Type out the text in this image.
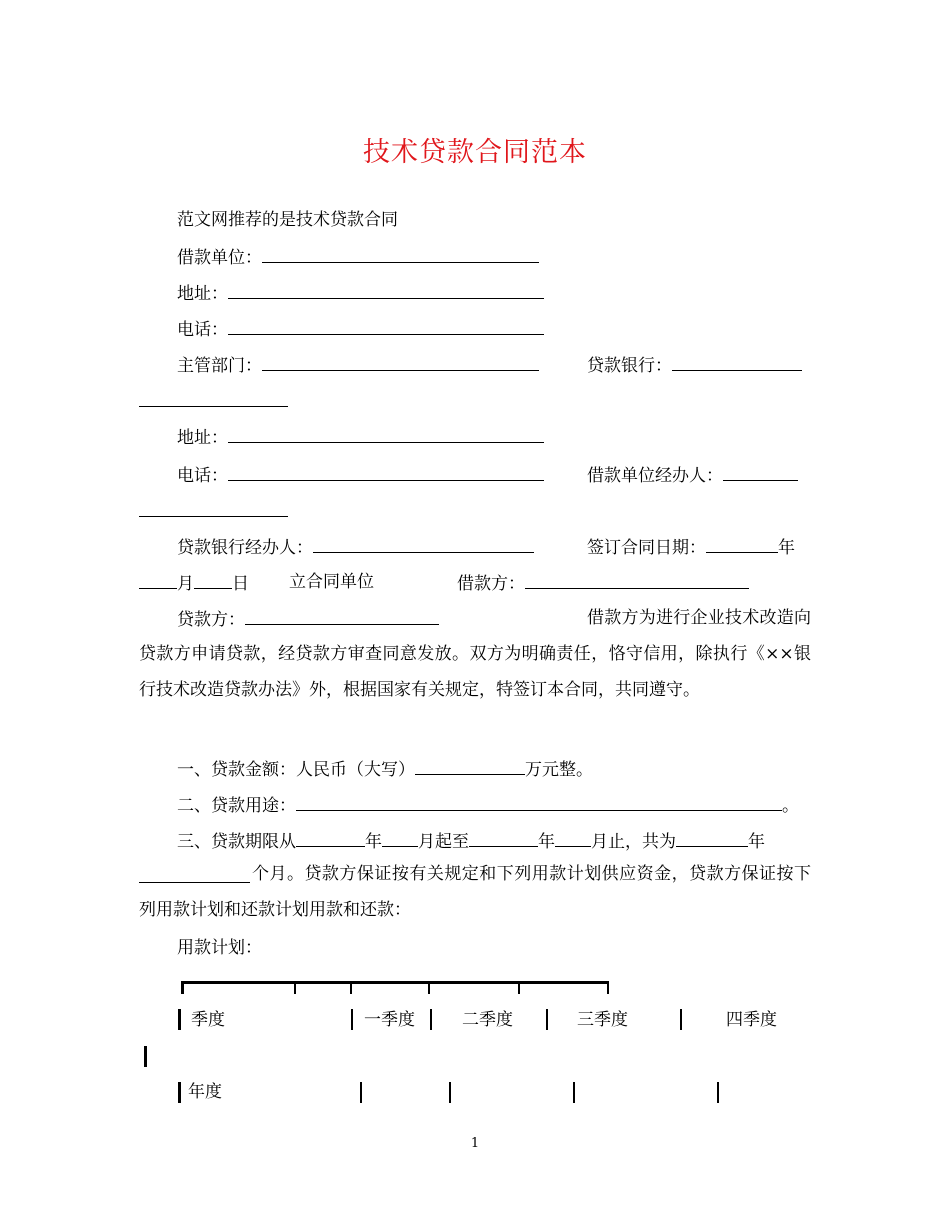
技术贷款合同范本
范文网推荐的是技术贷款合同
借款单位：
地址：
电话：
主管部门：	贷款银行：
地址：
电话：	借款单位经办人：
贷款银行经办人：	签订合同日期：	年
月 日 立合同单位	借款方：
贷款方：	借款方为进行企业技术改造向贷款方申请贷款，经贷款方审查同意发放。双方为明确责任，恪守信用，除执行《××银行技术改造贷款办法》外，根据国家有关规定，特签订本合同，共同遵守。
一、贷款金额：人民币（大写）	万元整。
二、贷款用途：	。
三、贷款期限从	年 月起至	年 月止，共为	年
个月。贷款方保证按有关规定和下列用款计划供应资金，贷款方保证按下列用款计划和还款计划用款和还款：
用款计划：
季度	一季度	二季度	三季度	四季度
年度
1
